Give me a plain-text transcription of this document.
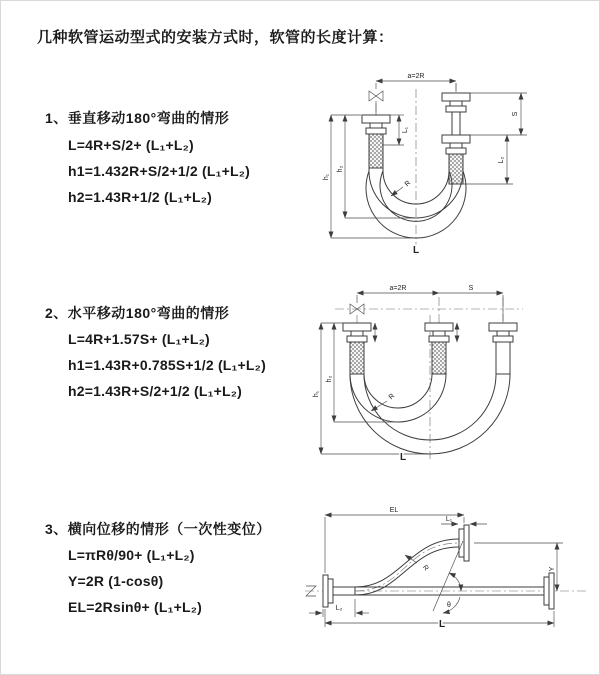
几种软管运动型式的安装方式时，软管的长度计算：
1、垂直移动180°弯曲的情形
L=4R+S/2+ (L₁+L₂)
h1=1.432R+S/2+1/2 (L₁+L₂)
h2=1.43R+1/2 (L₁+L₂)
a=2R
h₁
h₂
L₁
S
L₂
R
L
2、水平移动180°弯曲的情形
L=4R+1.57S+ (L₁+L₂)
h1=1.43R+0.785S+1/2 (L₁+L₂)
h2=1.43R+S/2+1/2 (L₁+L₂)
a=2R	S
h₁
h₂
R
L
3、横向位移的情形（一次性变位）
L=πRθ/90+ (L₁+L₂)
Y=2R (1-cosθ)
EL=2Rsinθ+ (L₁+L₂)
EL
L₁
Y
θ
R
L₂
L
